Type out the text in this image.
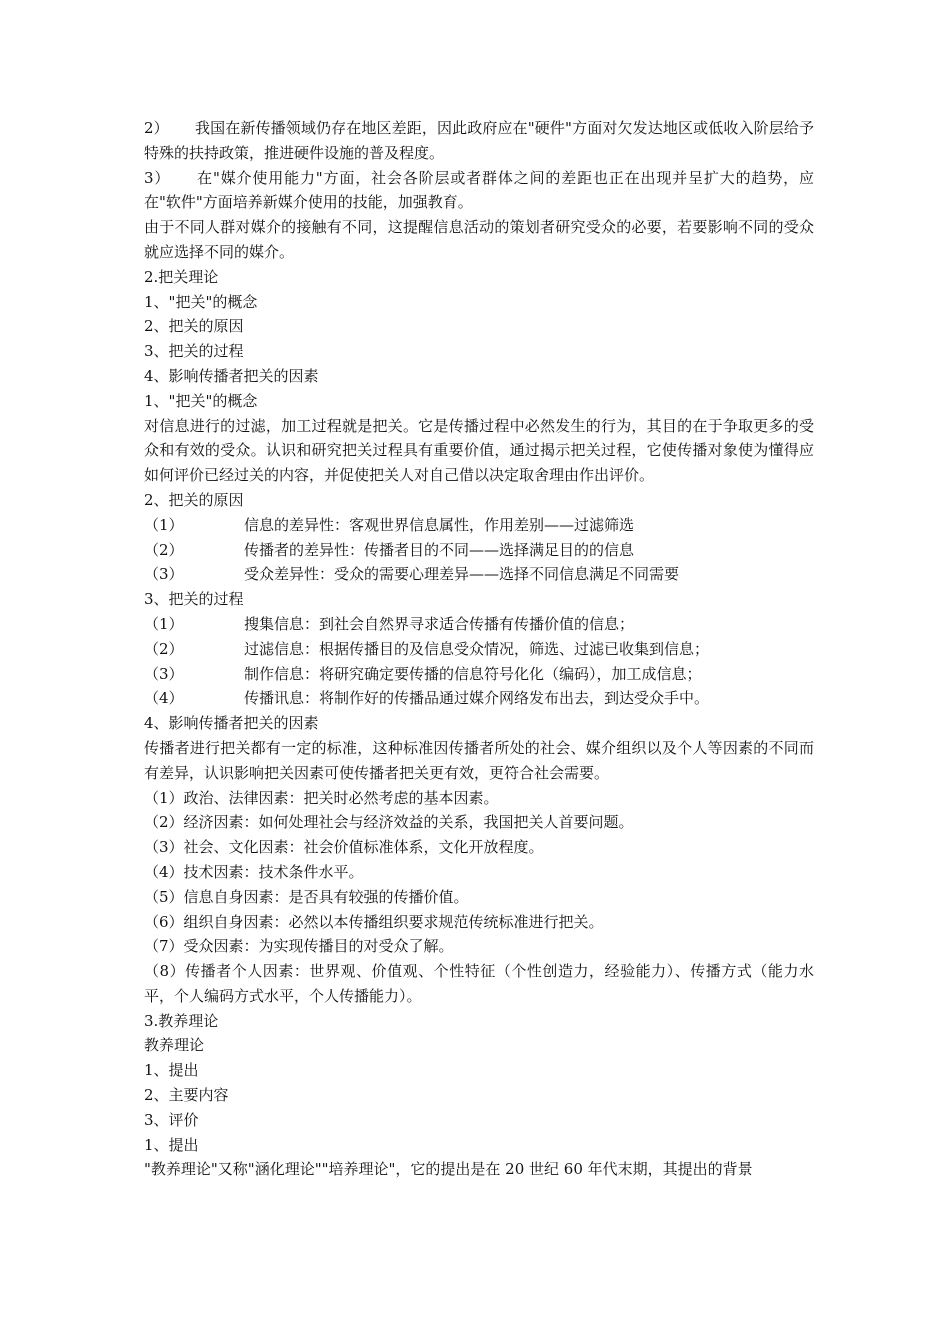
2） 我国在新传播领域仍存在地区差距，因此政府应在"硬件"方面对欠发达地区或低收入阶层给予特殊的扶持政策，推进硬件设施的普及程度。
3） 在"媒介使用能力"方面，社会各阶层或者群体之间的差距也正在出现并呈扩大的趋势，应在"软件"方面培养新媒介使用的技能，加强教育。
由于不同人群对媒介的接触有不同，这提醒信息活动的策划者研究受众的必要，若要影响不同的受众就应选择不同的媒介。
2.把关理论
1、"把关"的概念
2、把关的原因
3、把关的过程
4、影响传播者把关的因素
1、"把关"的概念
对信息进行的过滤，加工过程就是把关。它是传播过程中必然发生的行为，其目的在于争取更多的受众和有效的受众。认识和研究把关过程具有重要价值，通过揭示把关过程，它使传播对象使为懂得应如何评价已经过关的内容，并促使把关人对自己借以决定取舍理由作出评价。
2、把关的原因
（1）	信息的差异性：客观世界信息属性，作用差别——过滤筛选
（2）	传播者的差异性：传播者目的不同——选择满足目的的信息
（3）	受众差异性：受众的需要心理差异——选择不同信息满足不同需要
3、把关的过程
（1）	搜集信息：到社会自然界寻求适合传播有传播价值的信息；
（2）	过滤信息：根据传播目的及信息受众情况，筛选、过滤已收集到信息；
（3）	制作信息：将研究确定要传播的信息符号化化（编码），加工成信息；
（4）	传播讯息：将制作好的传播品通过媒介网络发布出去，到达受众手中。
4、影响传播者把关的因素
传播者进行把关都有一定的标准，这种标准因传播者所处的社会、媒介组织以及个人等因素的不同而有差异，认识影响把关因素可使传播者把关更有效，更符合社会需要。
（1）政治、法律因素：把关时必然考虑的基本因素。
（2）经济因素：如何处理社会与经济效益的关系，我国把关人首要问题。
（3）社会、文化因素：社会价值标准体系，文化开放程度。
（4）技术因素：技术条件水平。
（5）信息自身因素：是否具有较强的传播价值。
（6）组织自身因素：必然以本传播组织要求规范传统标准进行把关。
（7）受众因素：为实现传播目的对受众了解。
（8）传播者个人因素：世界观、价值观、个性特征（个性创造力，经验能力）、传播方式（能力水平，个人编码方式水平，个人传播能力）。
3.教养理论
教养理论
1、提出
2、主要内容
3、评价
1、提出
"教养理论"又称"涵化理论""培养理论"，它的提出是在 20 世纪 60 年代末期，其提出的背景
